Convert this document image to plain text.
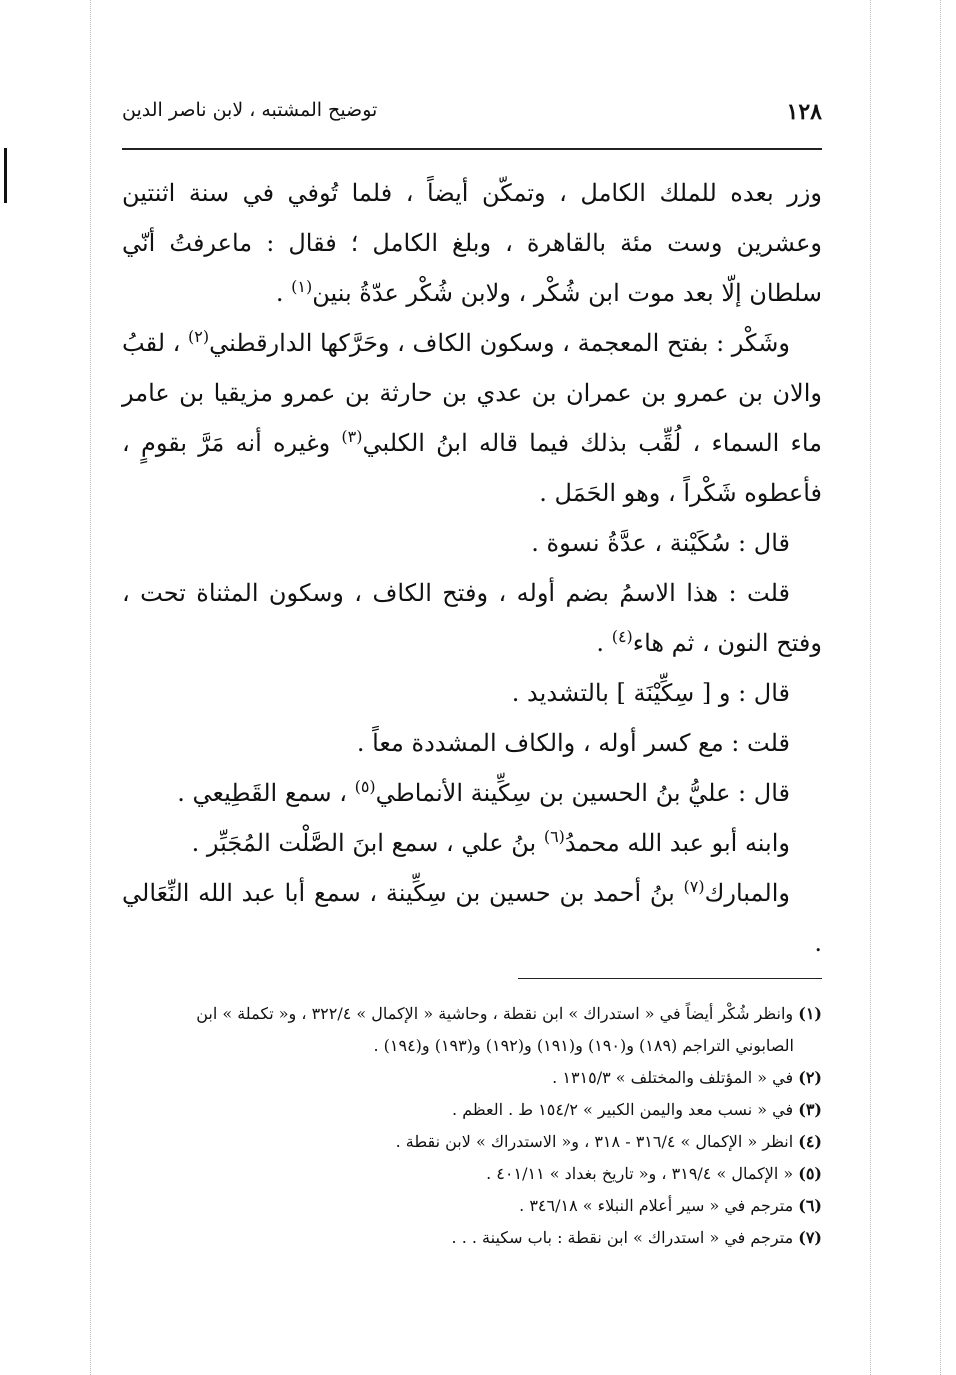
١٢٨
توضيح المشتبه ، لابن ناصر الدين

وزر بعده للملك الكامل ، وتمكّن أيضاً ، فلما تُوفي في سنة اثنتين وعشرين وست مئة بالقاهرة ، وبلغ الكامل ؛ فقال : ماعرفتُ أنّي سلطان إلّا بعد موت ابن شُكْر ، ولابن شُكْر عدّةُ بنين$^{(١)}$ .

وشَكْر : بفتح المعجمة ، وسكون الكاف ، وحَرَّكها الدارقطني$^{(٢)}$ ، لقبُ والان بن عمرو بن عمران بن عدي بن حارثة بن عمرو مزيقيا بن عامر ماء السماء ، لُقِّب بذلك فيما قاله ابنُ الكلبي$^{(٣)}$ وغيره أنه مَرَّ بقومٍ ، فأعطوه شَكْراً ، وهو الحَمَل .

قال : سُكَيْنة ، عدَّةُ نسوة .

قلت : هذا الاسمُ بضم أوله ، وفتح الكاف ، وسكون المثناة تحت ، وفتح النون ، ثم هاء$^{(٤)}$ .

قال : و [ سِكِّيْنَة ] بالتشديد .

قلت : مع كسر أوله ، والكاف المشددة معاً .

قال : عليُّ بنُ الحسين بن سِكِّينة الأنماطي$^{(٥)}$ ، سمع القَطِيعي .

وابنه أبو عبد الله محمدُ$^{(٦)}$ بنُ علي ، سمع ابنَ الصَّلْت المُجَبِّر .

والمبارك$^{(٧)}$ بنُ أحمد بن حسين بن سِكِّينة ، سمع أبا عبد الله النِّعَالي .

(١) وانظر شُكْر أيضاً في « استدراك » ابن نقطة ، وحاشية « الإكمال » ٣٢٢/٤ ، و« تكملة » ابن

الصابوني التراجم (١٨٩) و(١٩٠) و(١٩١) و(١٩٢) و(١٩٣) و(١٩٤) .

(٢) في « المؤتلف والمختلف » ١٣١٥/٣ .

(٣) في « نسب معد واليمن الكبير » ١٥٤/٢ ط . العظم .

(٤) انظر « الإكمال » ٣١٦/٤ - ٣١٨ ، و« الاستدراك » لابن نقطة .

(٥) « الإكمال » ٣١٩/٤ ، و« تاريخ بغداد » ٤٠١/١١ .

(٦) مترجم في « سير أعلام النبلاء » ٣٤٦/١٨ .

(٧) مترجم في « استدراك » ابن نقطة : باب سكينة . . .
